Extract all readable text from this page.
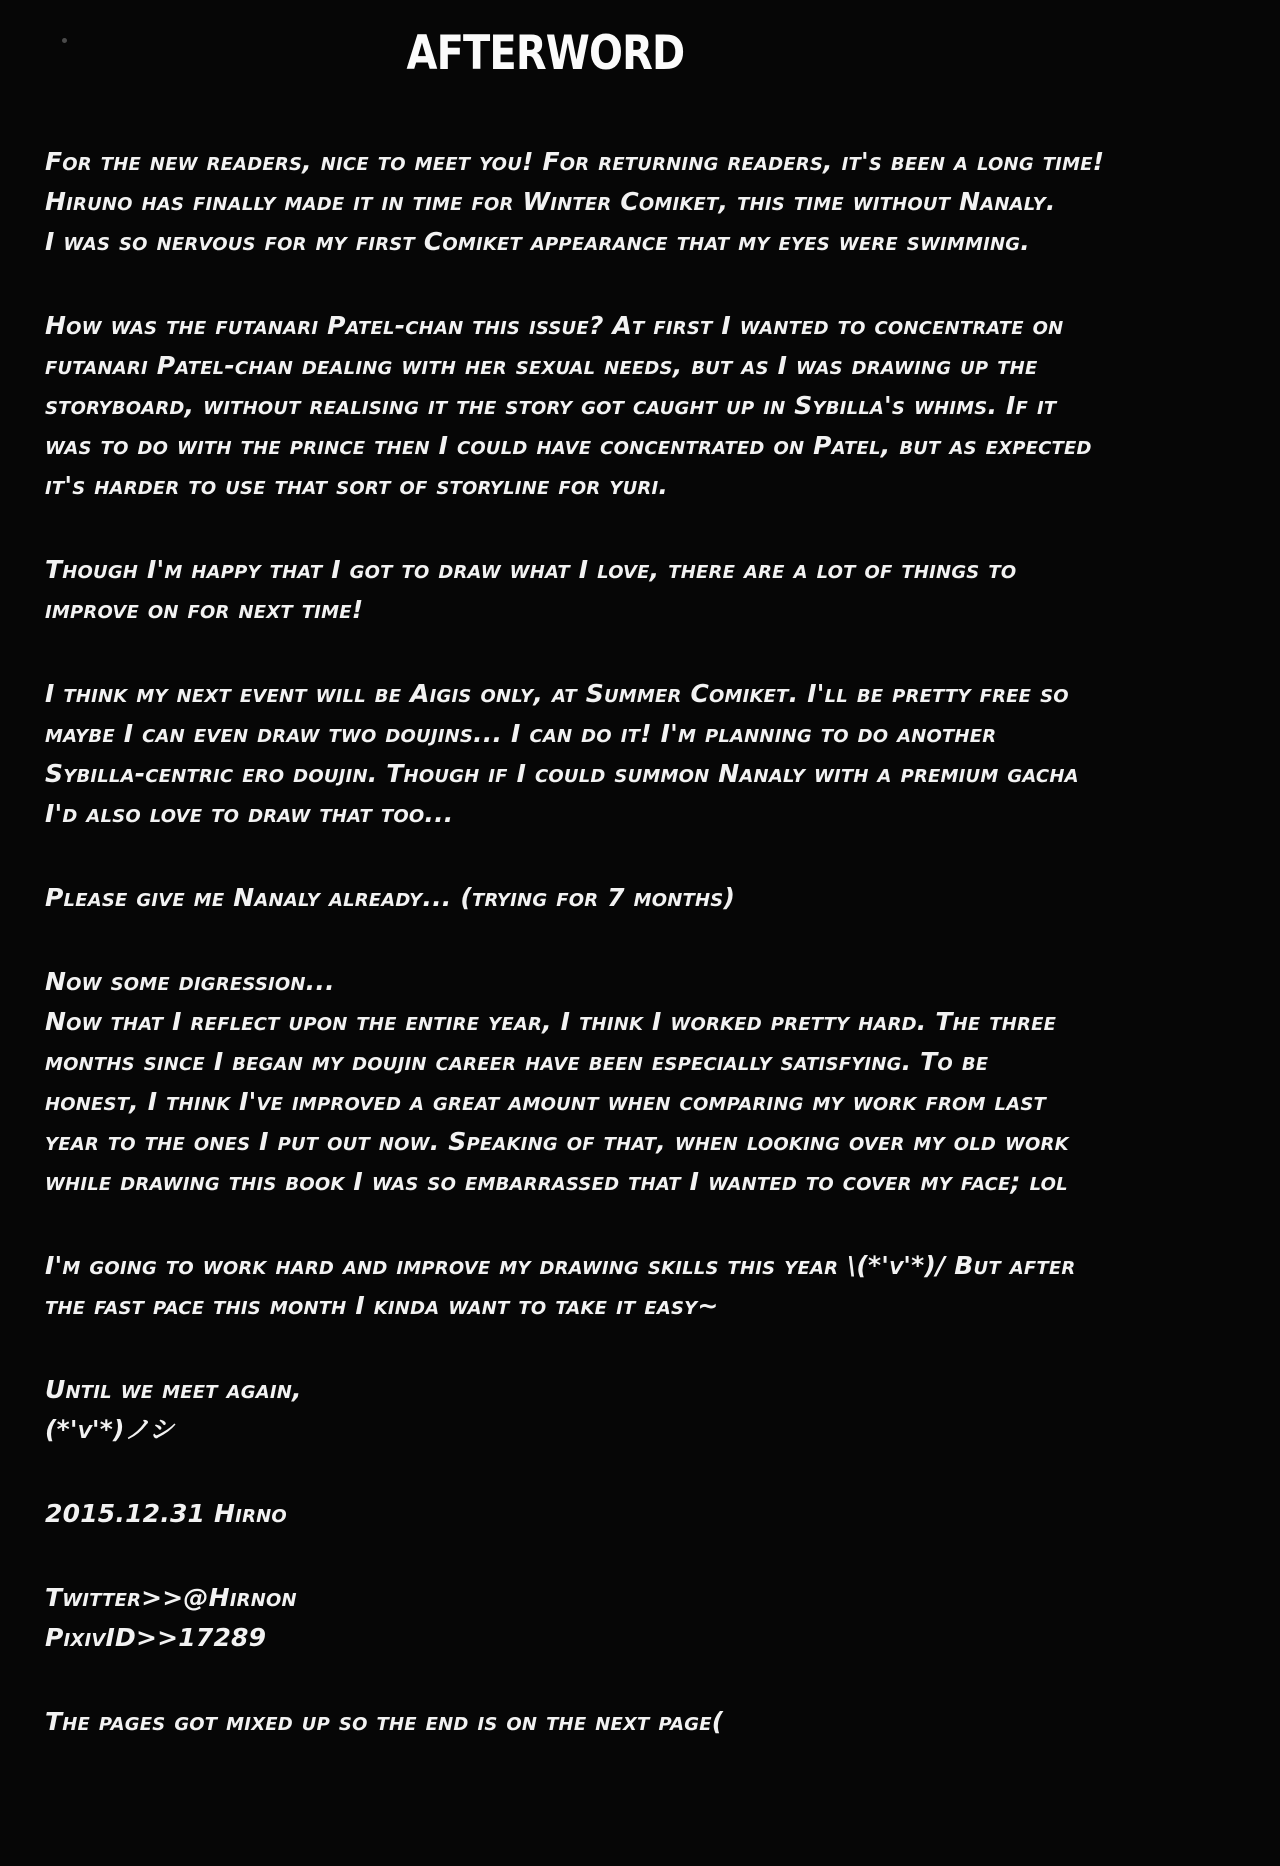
AFTERWORD
For the new readers, nice to meet you! For returning readers, it's been a long time!
Hiruno has finally made it in time for Winter Comiket, this time without Nanaly.
I was so nervous for my first Comiket appearance that my eyes were swimming.
How was the futanari Patel-chan this issue? At first I wanted to concentrate on
futanari Patel-chan dealing with her sexual needs, but as I was drawing up the
storyboard, without realising it the story got caught up in Sybilla's whims. If it
was to do with the prince then I could have concentrated on Patel, but as expected
it's harder to use that sort of storyline for yuri.
Though I'm happy that I got to draw what I love, there are a lot of things to
improve on for next time!
I think my next event will be Aigis only, at Summer Comiket. I'll be pretty free so
maybe I can even draw two doujins... I can do it! I'm planning to do another
Sybilla-centric ero doujin. Though if I could summon Nanaly with a premium gacha
I'd also love to draw that too...
Please give me Nanaly already... (trying for 7 months)
Now some digression...
Now that I reflect upon the entire year, I think I worked pretty hard. The three
months since I began my doujin career have been especially satisfying. To be
honest, I think I've improved a great amount when comparing my work from last
year to the ones I put out now. Speaking of that, when looking over my old work
while drawing this book I was so embarrassed that I wanted to cover my face; lol
I'm going to work hard and improve my drawing skills this year \(*'v'*)/ But after
the fast pace this month I kinda want to take it easy~
Until we meet again,
(*'v'*)ノシ
2015.12.31 Hirno
Twitter>>@Hirnon
PixivID>>17289
The pages got mixed up so the end is on the next page(
